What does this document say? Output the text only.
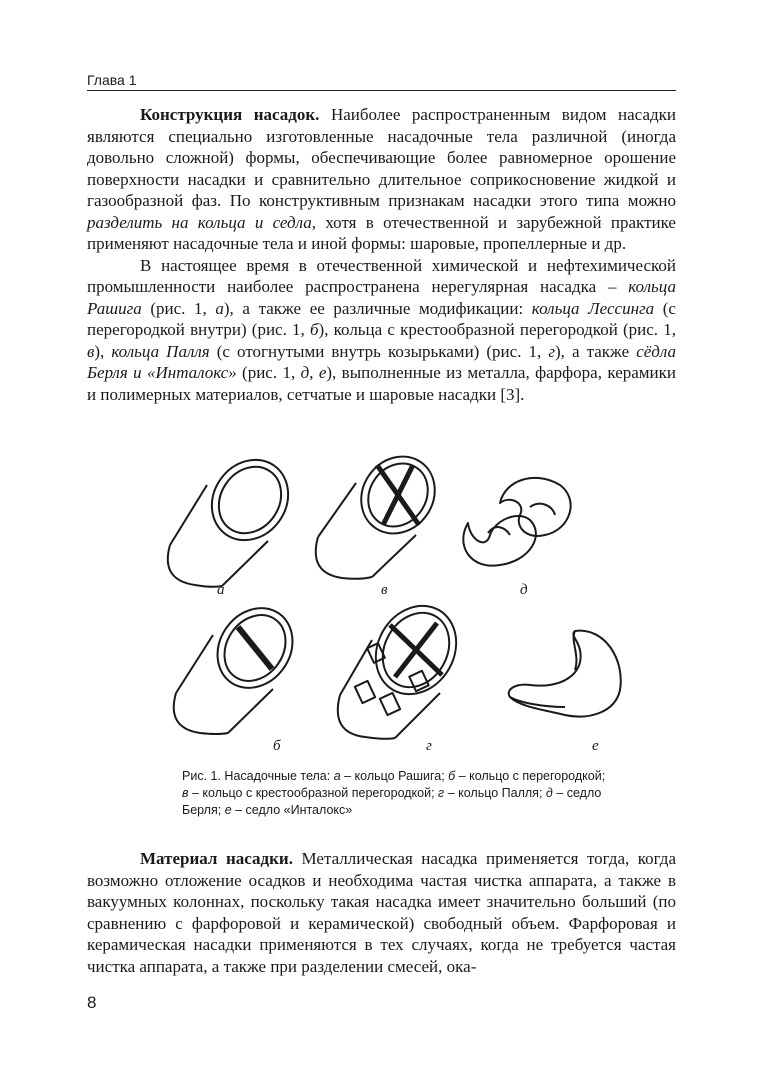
Глава 1

Конструкция насадок. Наиболее распространенным видом насадки являются специально изготовленные насадочные тела различной (иногда довольно сложной) формы, обеспечивающие более равномерное орошение поверхности насадки и сравнительно длительное соприкосновение жидкой и газообразной фаз. По конструктивным признакам насадки этого типа можно разделить на кольца и седла, хотя в отечественной и зарубежной практике применяют насадочные тела и иной формы: шаровые, пропеллерные и др.

В настоящее время в отечественной химической и нефтехимической промышленности наиболее распространена нерегулярная насадка – кольца Рашига (рис. 1, а), а также ее различные модификации: кольца Лессинга (с перегородкой внутри) (рис. 1, б), кольца с крестообразной перегородкой (рис. 1, в), кольца Палля (с отогнутыми внутрь козырьками) (рис. 1, г), а также сёдла Берля и «Инталокс» (рис. 1, д, е), выполненные из металла, фарфора, керамики и полимерных материалов, сетчатые и шаровые насадки [3].

а	в	д
б	г	е
Рис. 1. Насадочные тела: а – кольцо Рашига; б – кольцо с перегородкой; в – кольцо с крестообразной перегородкой; г – кольцо Палля; д – седло Берля; е – седло «Инталокс»

Материал насадки. Металлическая насадка применяется тогда, когда возможно отложение осадков и необходима частая чистка аппарата, а также в вакуумных колоннах, поскольку такая насадка имеет значительно больший (по сравнению с фарфоровой и керамической) свободный объем. Фарфоровая и керамическая насадки применяются в тех случаях, когда не требуется частая чистка аппарата, а также при разделении смесей, ока-

8
